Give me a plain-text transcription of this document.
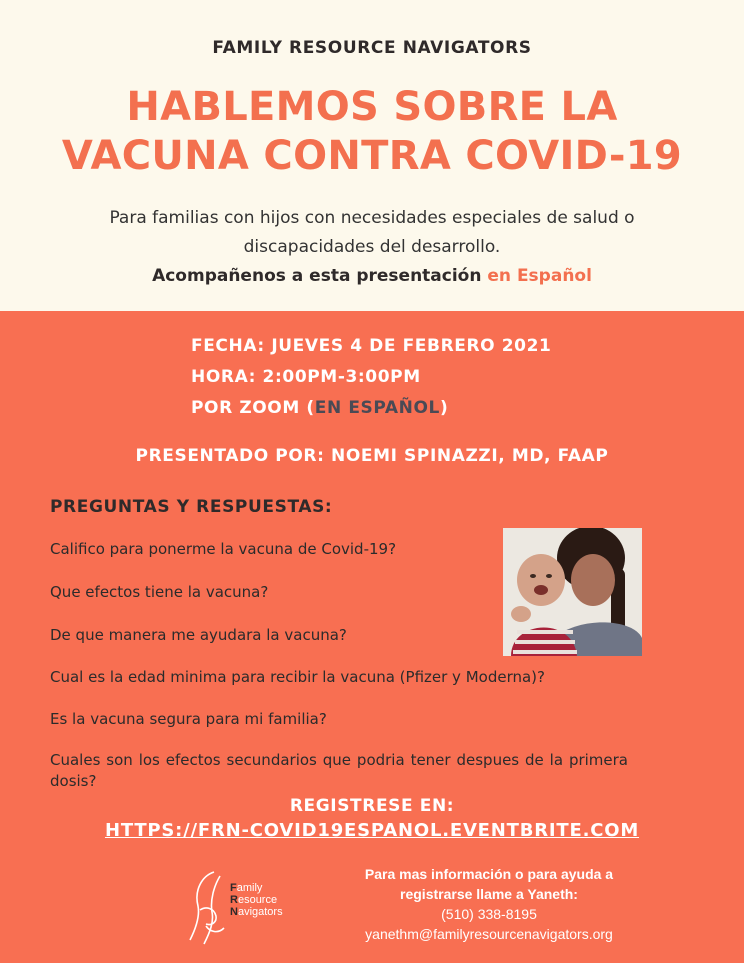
FAMILY RESOURCE NAVIGATORS
HABLEMOS SOBRE LA
VACUNA CONTRA COVID-19
Para familias con hijos con necesidades especiales de salud o
discapacidades del desarrollo.
Acompañenos a esta presentación en Español
FECHA: JUEVES 4 DE FEBRERO 2021
HORA: 2:00PM-3:00PM
POR ZOOM (EN ESPAÑOL)
PRESENTADO POR: NOEMI SPINAZZI, MD, FAAP
PREGUNTAS Y RESPUESTAS:
Califico para ponerme la vacuna de Covid-19?
Que efectos tiene la vacuna?
De que manera me ayudara la vacuna?
Cual es la edad minima para recibir la vacuna (Pfizer y Moderna)?
Es la vacuna segura para mi familia?
Cuales son los efectos secundarios que podria tener despues de la primera dosis?
REGISTRESE EN:
HTTPS://FRN-COVID19ESPANOL.EVENTBRITE.COM
Family
Resource
Navigators
Para mas información o para ayuda a
registrarse llame a Yaneth:
(510) 338-8195
yanethm@familyresourcenavigators.org
